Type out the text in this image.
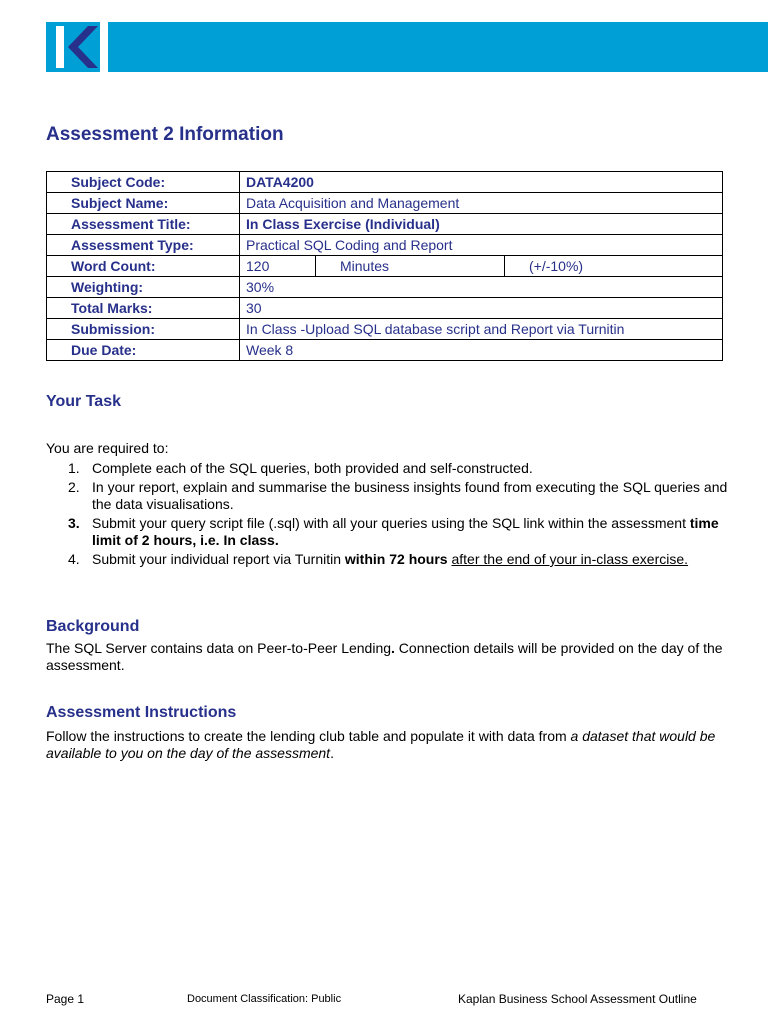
Assessment 2 Information
Subject Code:	DATA4200		
Subject Name:	Data Acquisition and Management		
Assessment Title:	In Class Exercise (Individual)		
Assessment Type:	Practical SQL Coding and Report		
Word Count:	120	Minutes	(+/-10%)
Weighting:	30%		
Total Marks:	30		
Submission:	In Class -Upload SQL database script and Report via Turnitin		
Due Date:	Week 8		
Your Task

You are required to:

1. Complete each of the SQL queries, both provided and self-constructed.
2. In your report, explain and summarise the business insights found from executing the SQL queries and the data visualisations.
3. Submit your query script file (.sql) with all your queries using the SQL link within the assessment time limit of 2 hours, i.e. In class.
4. Submit your individual report via Turnitin within 72 hours after the end of your in-class exercise.
Background

The SQL Server contains data on Peer-to-Peer Lending. Connection details will be provided on the day of the assessment.

Assessment Instructions

Follow the instructions to create the lending club table and populate it with data from a dataset that would be available to you on the day of the assessment.

Page 1	Document Classification: Public	Kaplan Business School Assessment Outline
